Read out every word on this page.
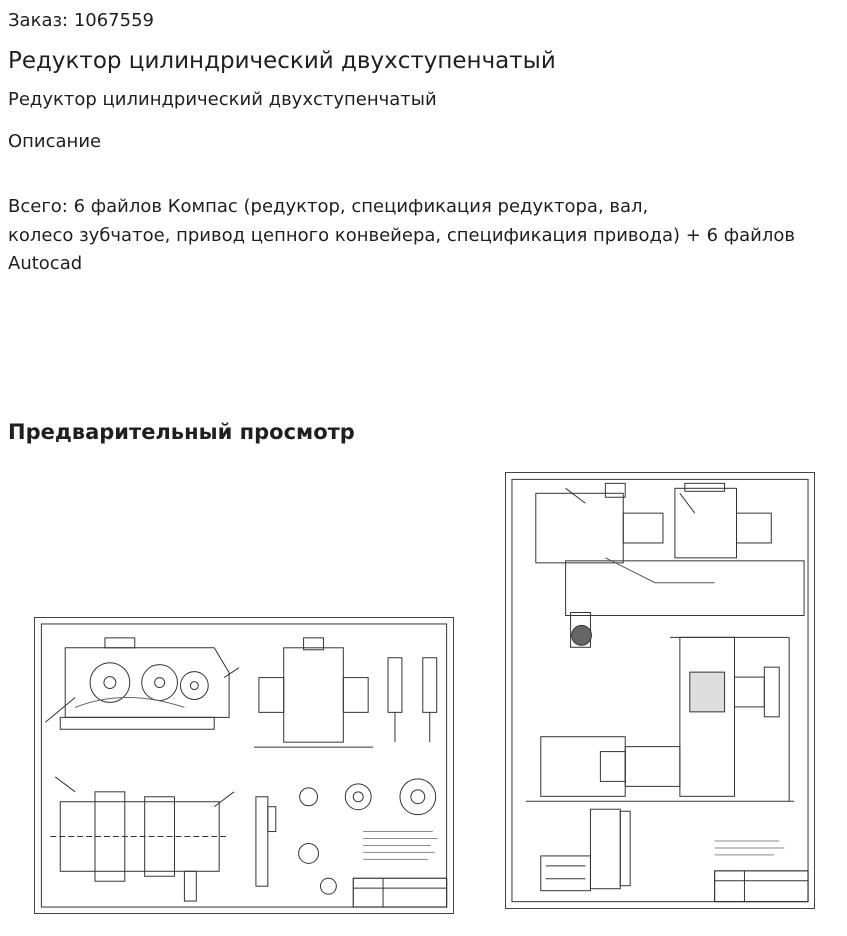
Заказ: 1067559
Редуктор цилиндрический двухступенчатый
Редуктор цилиндрический двухступенчатый
Описание
Всего: 6 файлов Компас (редуктор, спецификация редуктора, вал,
колесо зубчатое, привод цепного конвейера, спецификация привода) + 6 файлов
Autocad
Предварительный просмотр
